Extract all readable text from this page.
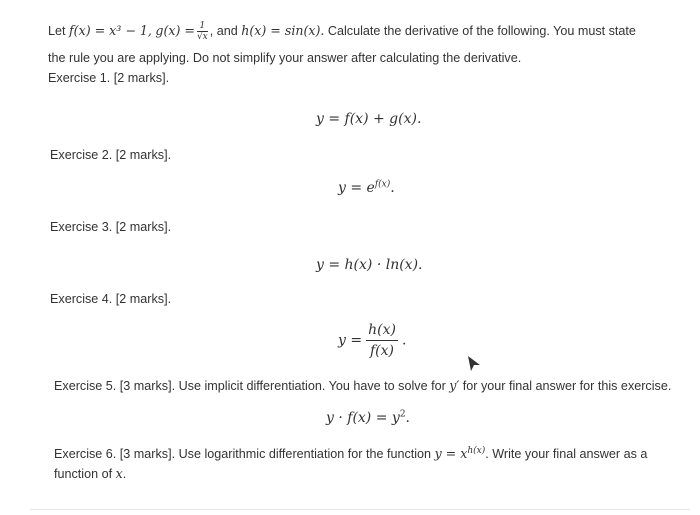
Let f(x) = x³ − 1, $g(x) = \frac{1}{√x}$ , and h(x) = sin(x). Calculate the derivative of the following. You must state
the rule you are applying. Do not simplify your answer after calculating the derivative.
Exercise 1. [2 marks].
y = f(x) + g(x).
Exercise 2. [2 marks].
$y = e^{f(x)}$.
Exercise 3. [2 marks].
y = h(x) · ln(x).
Exercise 4. [2 marks].
$y = \frac{h(x)}{f(x)}$ .
Exercise 5. [3 marks]. Use implicit differentiation. You have to solve for y′ for your final answer for this exercise.
$y \cdot f(x) = y^2$.
Exercise 6. [3 marks]. Use logarithmic differentiation for the function $y = x^{h(x)}$. Write your final answer as a
function of x.
